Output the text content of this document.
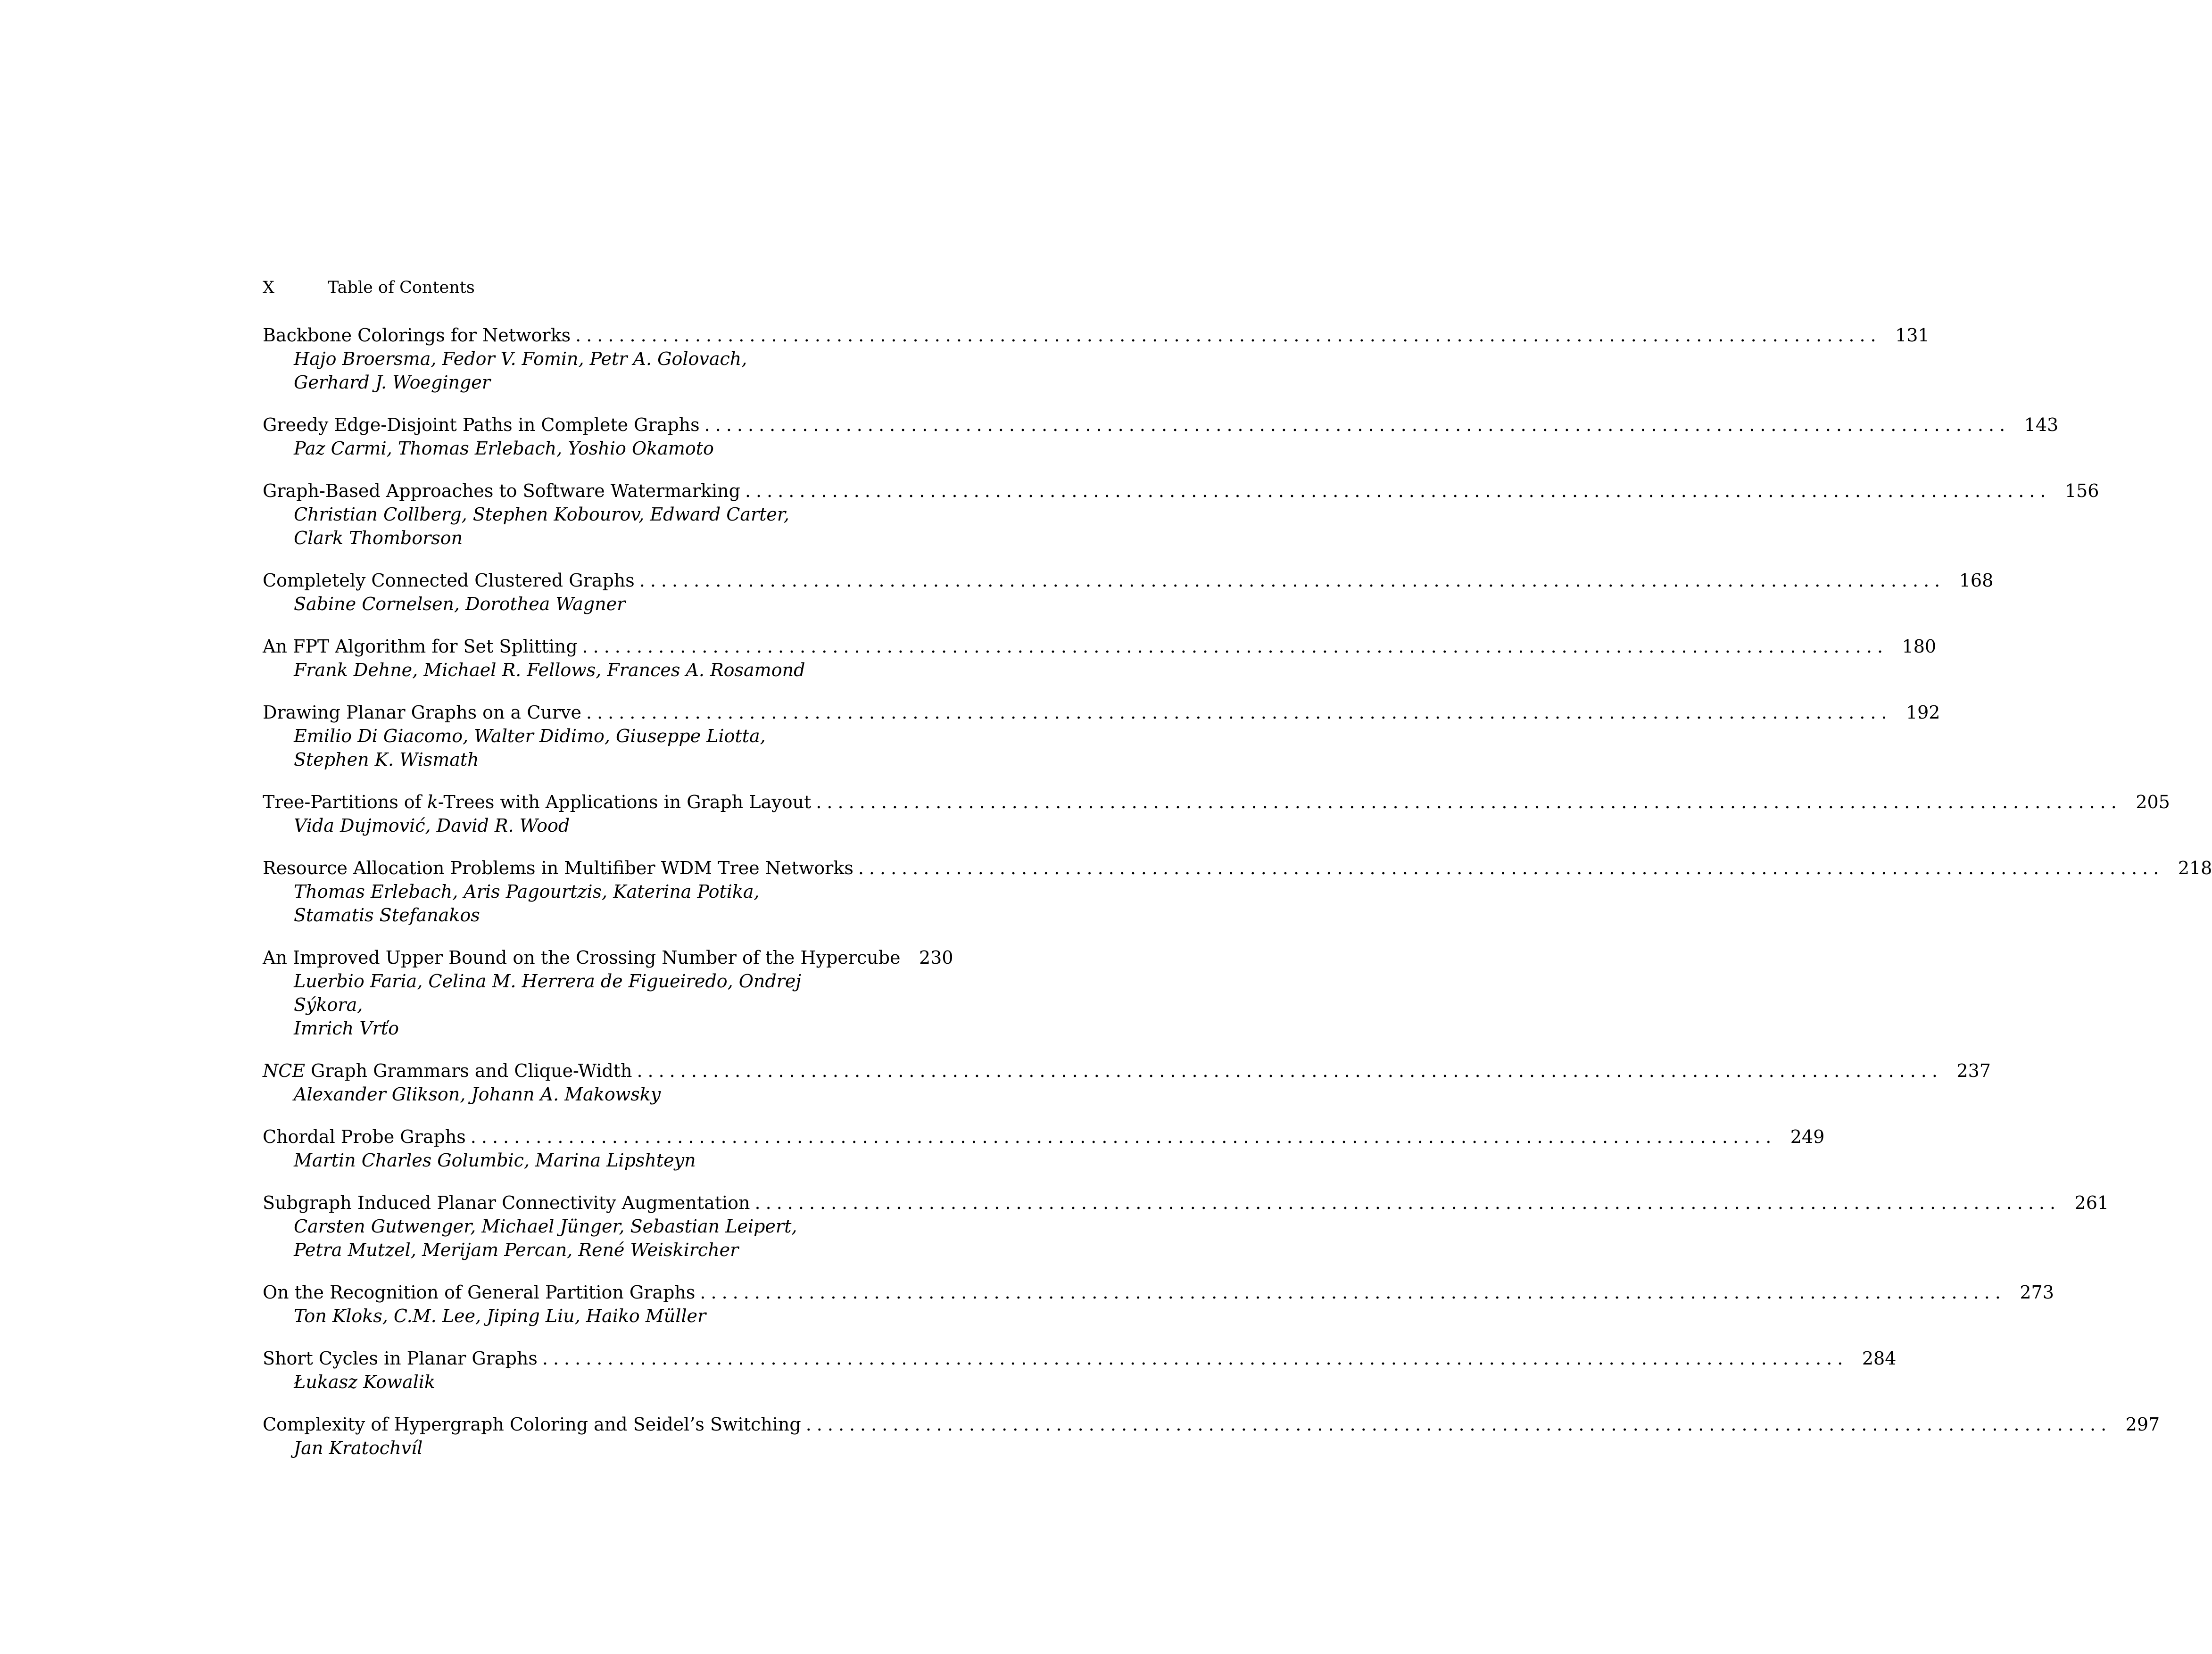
X	Table of Contents
Backbone Colorings for Networks ........................................................................................................................ 131
Hajo Broersma, Fedor V. Fomin, Petr A. Golovach,
Gerhard J. Woeginger
Greedy Edge-Disjoint Paths in Complete Graphs ........................................................................................................................ 143
Paz Carmi, Thomas Erlebach, Yoshio Okamoto
Graph-Based Approaches to Software Watermarking ........................................................................................................................ 156
Christian Collberg, Stephen Kobourov, Edward Carter,
Clark Thomborson
Completely Connected Clustered Graphs ........................................................................................................................ 168
Sabine Cornelsen, Dorothea Wagner
An FPT Algorithm for Set Splitting ........................................................................................................................ 180
Frank Dehne, Michael R. Fellows, Frances A. Rosamond
Drawing Planar Graphs on a Curve ........................................................................................................................ 192
Emilio Di Giacomo, Walter Didimo, Giuseppe Liotta,
Stephen K. Wismath
Tree-Partitions of k-Trees with Applications in Graph Layout ........................................................................................................................ 205
Vida Dujmović, David R. Wood
Resource Allocation Problems in Multifiber WDM Tree Networks ........................................................................................................................ 218
Thomas Erlebach, Aris Pagourtzis, Katerina Potika,
Stamatis Stefanakos
An Improved Upper Bound on the Crossing Number of the Hypercube	230
Luerbio Faria, Celina M. Herrera de Figueiredo, Ondrej Sýkora,
Imrich Vrťo
NCE Graph Grammars and Clique-Width ........................................................................................................................ 237
Alexander Glikson, Johann A. Makowsky
Chordal Probe Graphs ........................................................................................................................ 249
Martin Charles Golumbic, Marina Lipshteyn
Subgraph Induced Planar Connectivity Augmentation ........................................................................................................................ 261
Carsten Gutwenger, Michael Jünger, Sebastian Leipert,
Petra Mutzel, Merijam Percan, René Weiskircher
On the Recognition of General Partition Graphs ........................................................................................................................ 273
Ton Kloks, C.M. Lee, Jiping Liu, Haiko Müller
Short Cycles in Planar Graphs ........................................................................................................................ 284
Łukasz Kowalik
Complexity of Hypergraph Coloring and Seidel’s Switching ........................................................................................................................ 297
Jan Kratochvíl
